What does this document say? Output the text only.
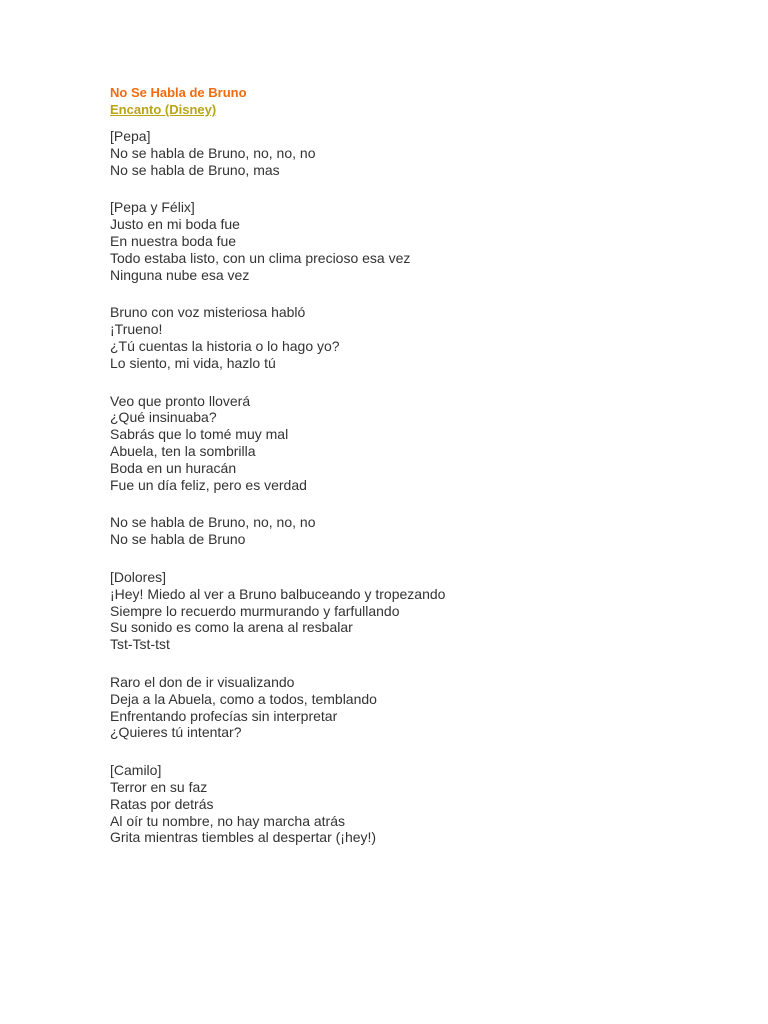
No Se Habla de Bruno
Encanto (Disney)
[Pepa]
No se habla de Bruno, no, no, no
No se habla de Bruno, mas
[Pepa y Félix]
Justo en mi boda fue
En nuestra boda fue
Todo estaba listo, con un clima precioso esa vez
Ninguna nube esa vez
Bruno con voz misteriosa habló
¡Trueno!
¿Tú cuentas la historia o lo hago yo?
Lo siento, mi vida, hazlo tú
Veo que pronto lloverá
¿Qué insinuaba?
Sabrás que lo tomé muy mal
Abuela, ten la sombrilla
Boda en un huracán
Fue un día feliz, pero es verdad
No se habla de Bruno, no, no, no
No se habla de Bruno
[Dolores]
¡Hey! Miedo al ver a Bruno balbuceando y tropezando
Siempre lo recuerdo murmurando y farfullando
Su sonido es como la arena al resbalar
Tst-Tst-tst
Raro el don de ir visualizando
Deja a la Abuela, como a todos, temblando
Enfrentando profecías sin interpretar
¿Quieres tú intentar?
[Camilo]
Terror en su faz
Ratas por detrás
Al oír tu nombre, no hay marcha atrás
Grita mientras tiembles al despertar (¡hey!)
